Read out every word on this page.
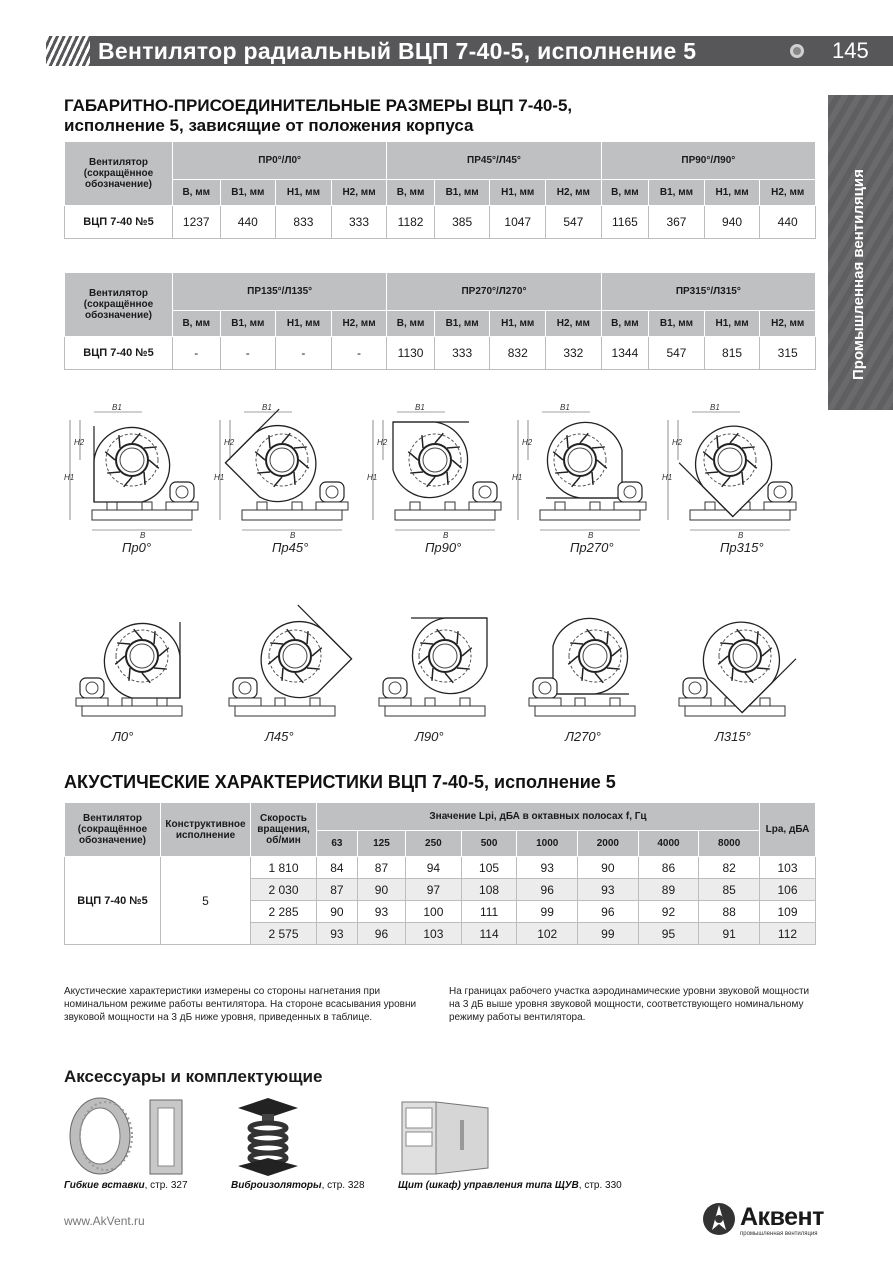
Вентилятор радиальный ВЦП 7-40-5, исполнение 5	145
Промышленная вентиляция
ГАБАРИТНО-ПРИСОЕДИНИТЕЛЬНЫЕ РАЗМЕРЫ ВЦП 7-40-5,
исполнение 5, зависящие от положения корпуса
Вентилятор (сокращённое обозначение)	ПР0°/Л0°				ПР45°/Л45°				ПР90°/Л90°			
	B, мм	B1, мм	H1, мм	H2, мм	B, мм	B1, мм	H1, мм	H2, мм	B, мм	B1, мм	H1, мм	H2, мм
ВЦП 7-40 №5	1237	440	833	333	1182	385	1047	547	1165	367	940	440
Вентилятор (сокращённое обозначение)	ПР135°/Л135°				ПР270°/Л270°				ПР315°/Л315°			
	B, мм	B1, мм	H1, мм	H2, мм	B, мм	B1, мм	H1, мм	H2, мм	B, мм	B1, мм	H1, мм	H2, мм
ВЦП 7-40 №5	-	-	-	-	1130	333	832	332	1344	547	815	315
АКУСТИЧЕСКИЕ ХАРАКТЕРИСТИКИ ВЦП 7-40-5, исполнение 5
Вентилятор (сокращённое обозначение)	Конструктивное исполнение	Скорость вращения, об/мин	Значение Lpi, дБА в октавных полосах f, Гц								Lpa, дБА
			63	125	250	500	1000	2000	4000	8000	
ВЦП 7-40 №5	5	1 810	84	87	94	105	93	90	86	82	103
		2 030	87	90	97	108	96	93	89	85	106
		2 285	90	93	100	111	99	96	92	88	109
		2 575	93	96	103	114	102	99	95	91	112
Акустические характеристики измерены со стороны нагнетания при номинальном режиме работы вентилятора. На стороне всасывания уровни звуковой мощности на 3 дБ ниже уровня, приведенных в таблице.
На границах рабочего участка аэродинамические уровни звуковой мощности на 3 дБ выше уровня звуковой мощности, соответствующего номинальному режиму работы вентилятора.
Аксессуары и комплектующие
Гибкие вставки, стр. 327	Виброизоляторы, стр. 328	Щит (шкаф) управления типа ЩУВ, стр. 330
www.AkVent.ru	Аквент
промышленная вентиляция
H1
H2
B
B1
Пр0°
H1
H2
B
B1
Пр45°
H1
H2
B
B1
Пр90°
H1
H2
B
B1
Пр270°
H1
H2
B
B1
Пр315°
Л0°	Л45°	Л90°	Л270°	Л315°
